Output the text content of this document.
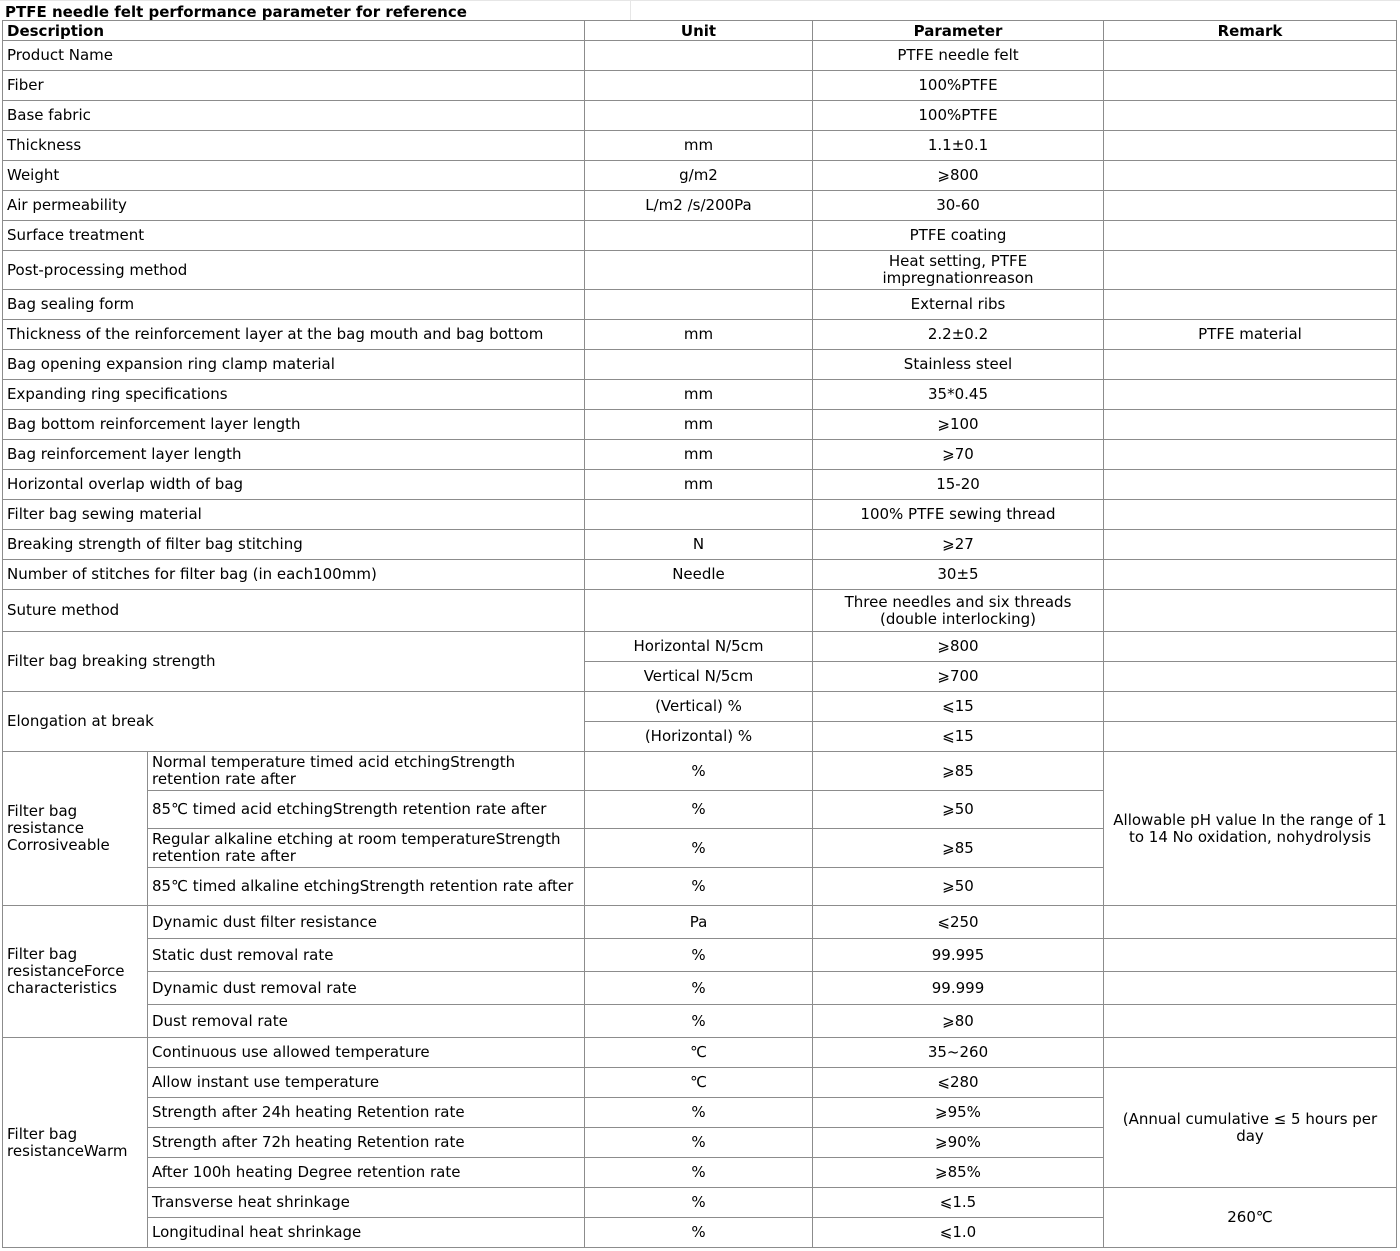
PTFE needle felt performance parameter for reference
Description		Unit	Parameter	Remark
Product Name			PTFE needle felt	
Fiber			100%PTFE	
Base fabric			100%PTFE	
Thickness		mm	1.1±0.1	
Weight		g/m2	⩾800	
Air permeability		L/m2 /s/200Pa	30-60	
Surface treatment			PTFE coating	
Post-processing method			Heat setting, PTFE impregnationreason	
Bag sealing form			External ribs	
Thickness of the reinforcement layer at the bag mouth and bag bottom		mm	2.2±0.2	PTFE material
Bag opening expansion ring clamp material			Stainless steel	
Expanding ring specifications		mm	35*0.45	
Bag bottom reinforcement layer length		mm	⩾100	
Bag reinforcement layer length		mm	⩾70	
Horizontal overlap width of bag		mm	15-20	
Filter bag sewing material			100% PTFE sewing thread	
Breaking strength of filter bag stitching		N	⩾27	
Number of stitches for filter bag (in each100mm)		Needle	30±5	
Suture method			Three needles and six threads (double interlocking)	
Filter bag breaking strength		Horizontal N/5cm	⩾800	
		Vertical N/5cm	⩾700	
Elongation at break		(Vertical) %	⩽15	
		(Horizontal) %	⩽15	
Filter bag resistance Corrosiveable	Normal temperature timed acid etchingStrength retention rate after	%	⩾85	Allowable pH value In the range of 1 to 14 No oxidation, nohydrolysis
	85℃ timed acid etchingStrength retention rate after	%	⩾50	
	Regular alkaline etching at room temperatureStrength retention rate after	%	⩾85	
	85℃ timed alkaline etchingStrength retention rate after	%	⩾50	
Filter bag resistanceForce characteristics	Dynamic dust filter resistance	Pa	⩽250	
	Static dust removal rate	%	99.995	
	Dynamic dust removal rate	%	99.999	
	Dust removal rate	%	⩾80	
Filter bag resistanceWarm	Continuous use allowed temperature	℃	35~260	
	Allow instant use temperature	℃	⩽280	(Annual cumulative ≤ 5 hours per day
	Strength after 24h heating Retention rate	%	⩾95%	
	Strength after 72h heating Retention rate	%	⩾90%	
	After 100h heating Degree retention rate	%	⩾85%	
	Transverse heat shrinkage	%	⩽1.5	260℃
	Longitudinal heat shrinkage	%	⩽1.0	
